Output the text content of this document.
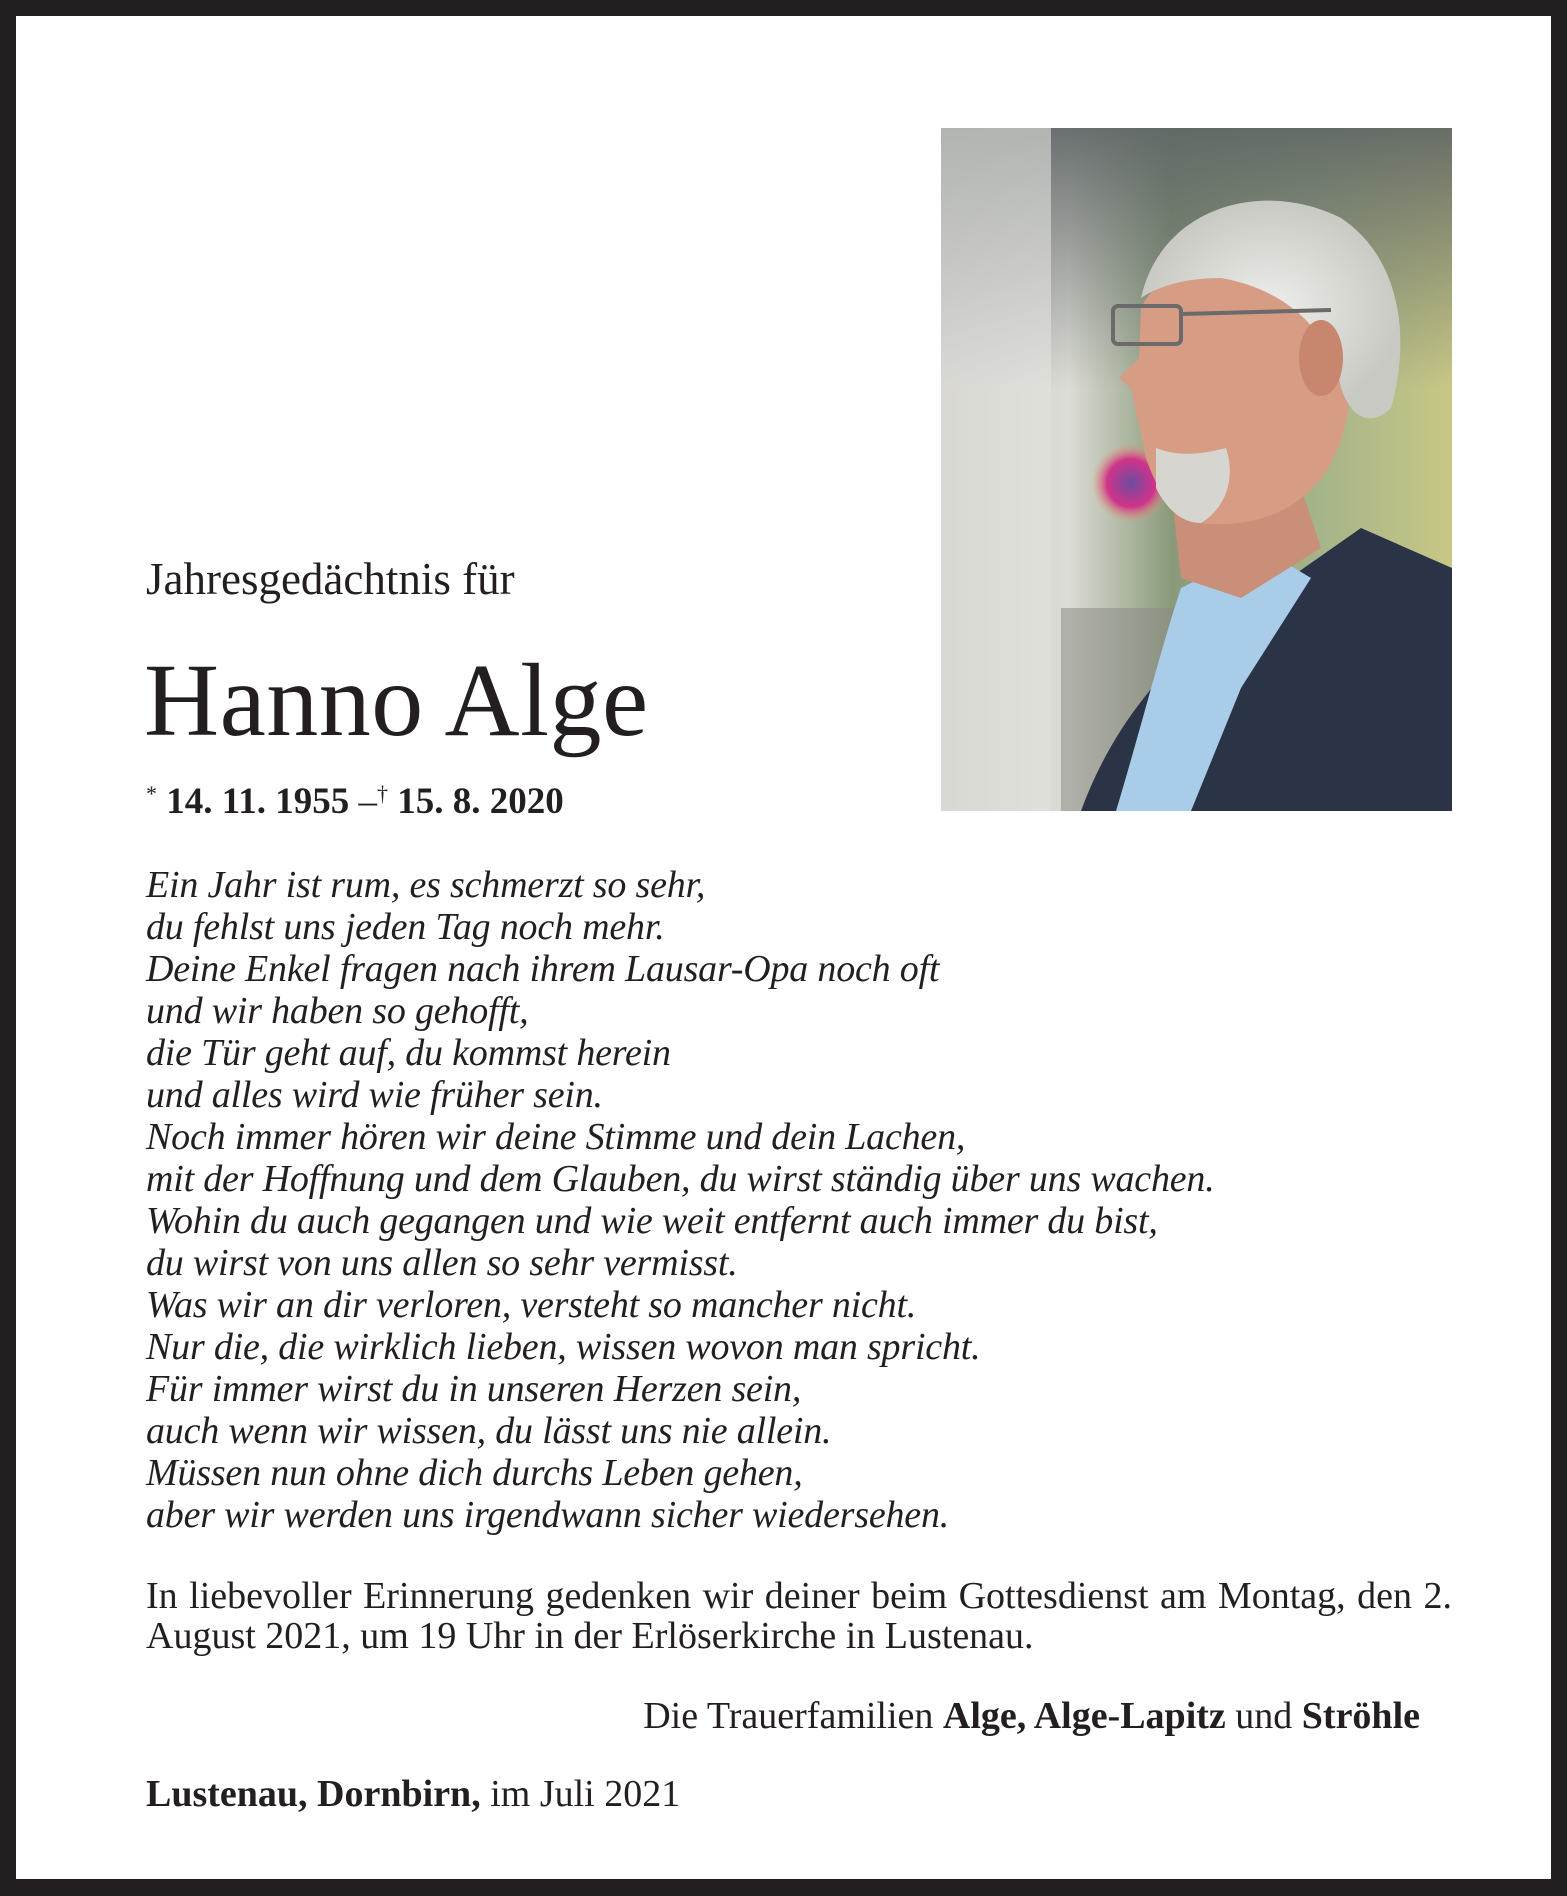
Jahresgedächtnis für
Hanno Alge
* 14. 11. 1955 –† 15. 8. 2020
Ein Jahr ist rum, es schmerzt so sehr,
du fehlst uns jeden Tag noch mehr.
Deine Enkel fragen nach ihrem Lausar-Opa noch oft
und wir haben so gehofft,
die Tür geht auf, du kommst herein
und alles wird wie früher sein.
Noch immer hören wir deine Stimme und dein Lachen,
mit der Hoffnung und dem Glauben, du wirst ständig über uns wachen.
Wohin du auch gegangen und wie weit entfernt auch immer du bist,
du wirst von uns allen so sehr vermisst.
Was wir an dir verloren, versteht so mancher nicht.
Nur die, die wirklich lieben, wissen wovon man spricht.
Für immer wirst du in unseren Herzen sein,
auch wenn wir wissen, du lässt uns nie allein.
Müssen nun ohne dich durchs Leben gehen,
aber wir werden uns irgendwann sicher wiedersehen.
In liebevoller Erinnerung gedenken wir deiner beim Gottesdienst am Montag, den 2. August 2021, um 19 Uhr in der Erlöserkirche in Lustenau.
Die Trauerfamilien Alge, Alge-Lapitz und Ströhle
Lustenau, Dornbirn, im Juli 2021
